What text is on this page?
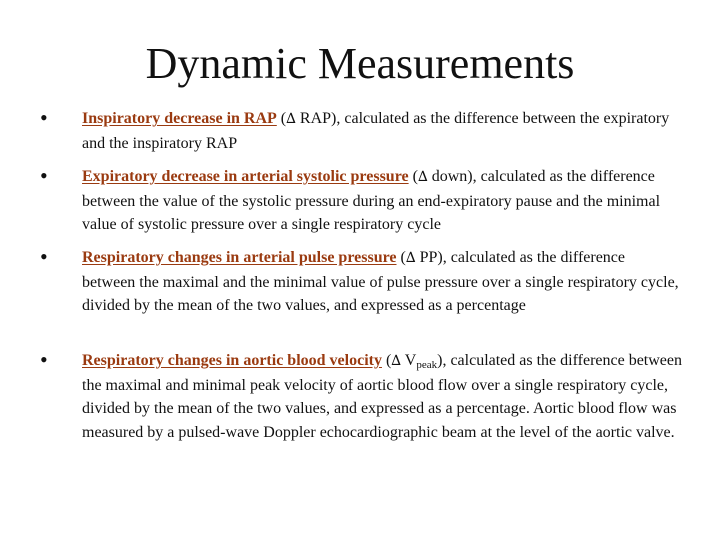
Dynamic Measurements
• Inspiratory decrease in RAP (∆ RAP), calculated as the difference between the expiratory and the inspiratory RAP
• Expiratory decrease in arterial systolic pressure (∆ down), calculated as the difference between the value of the systolic pressure during an end-expiratory pause and the minimal value of systolic pressure over a single respiratory cycle
• Respiratory changes in arterial pulse pressure (∆ PP), calculated as the difference between the maximal and the minimal value of pulse pressure over a single respiratory cycle, divided by the mean of the two values, and expressed as a percentage
• Respiratory changes in aortic blood velocity (∆ $V_{peak}$), calculated as the difference between the maximal and minimal peak velocity of aortic blood flow over a single respiratory cycle, divided by the mean of the two values, and expressed as a percentage. Aortic blood flow was measured by a pulsed-wave Doppler echocardiographic beam at the level of the aortic valve.
